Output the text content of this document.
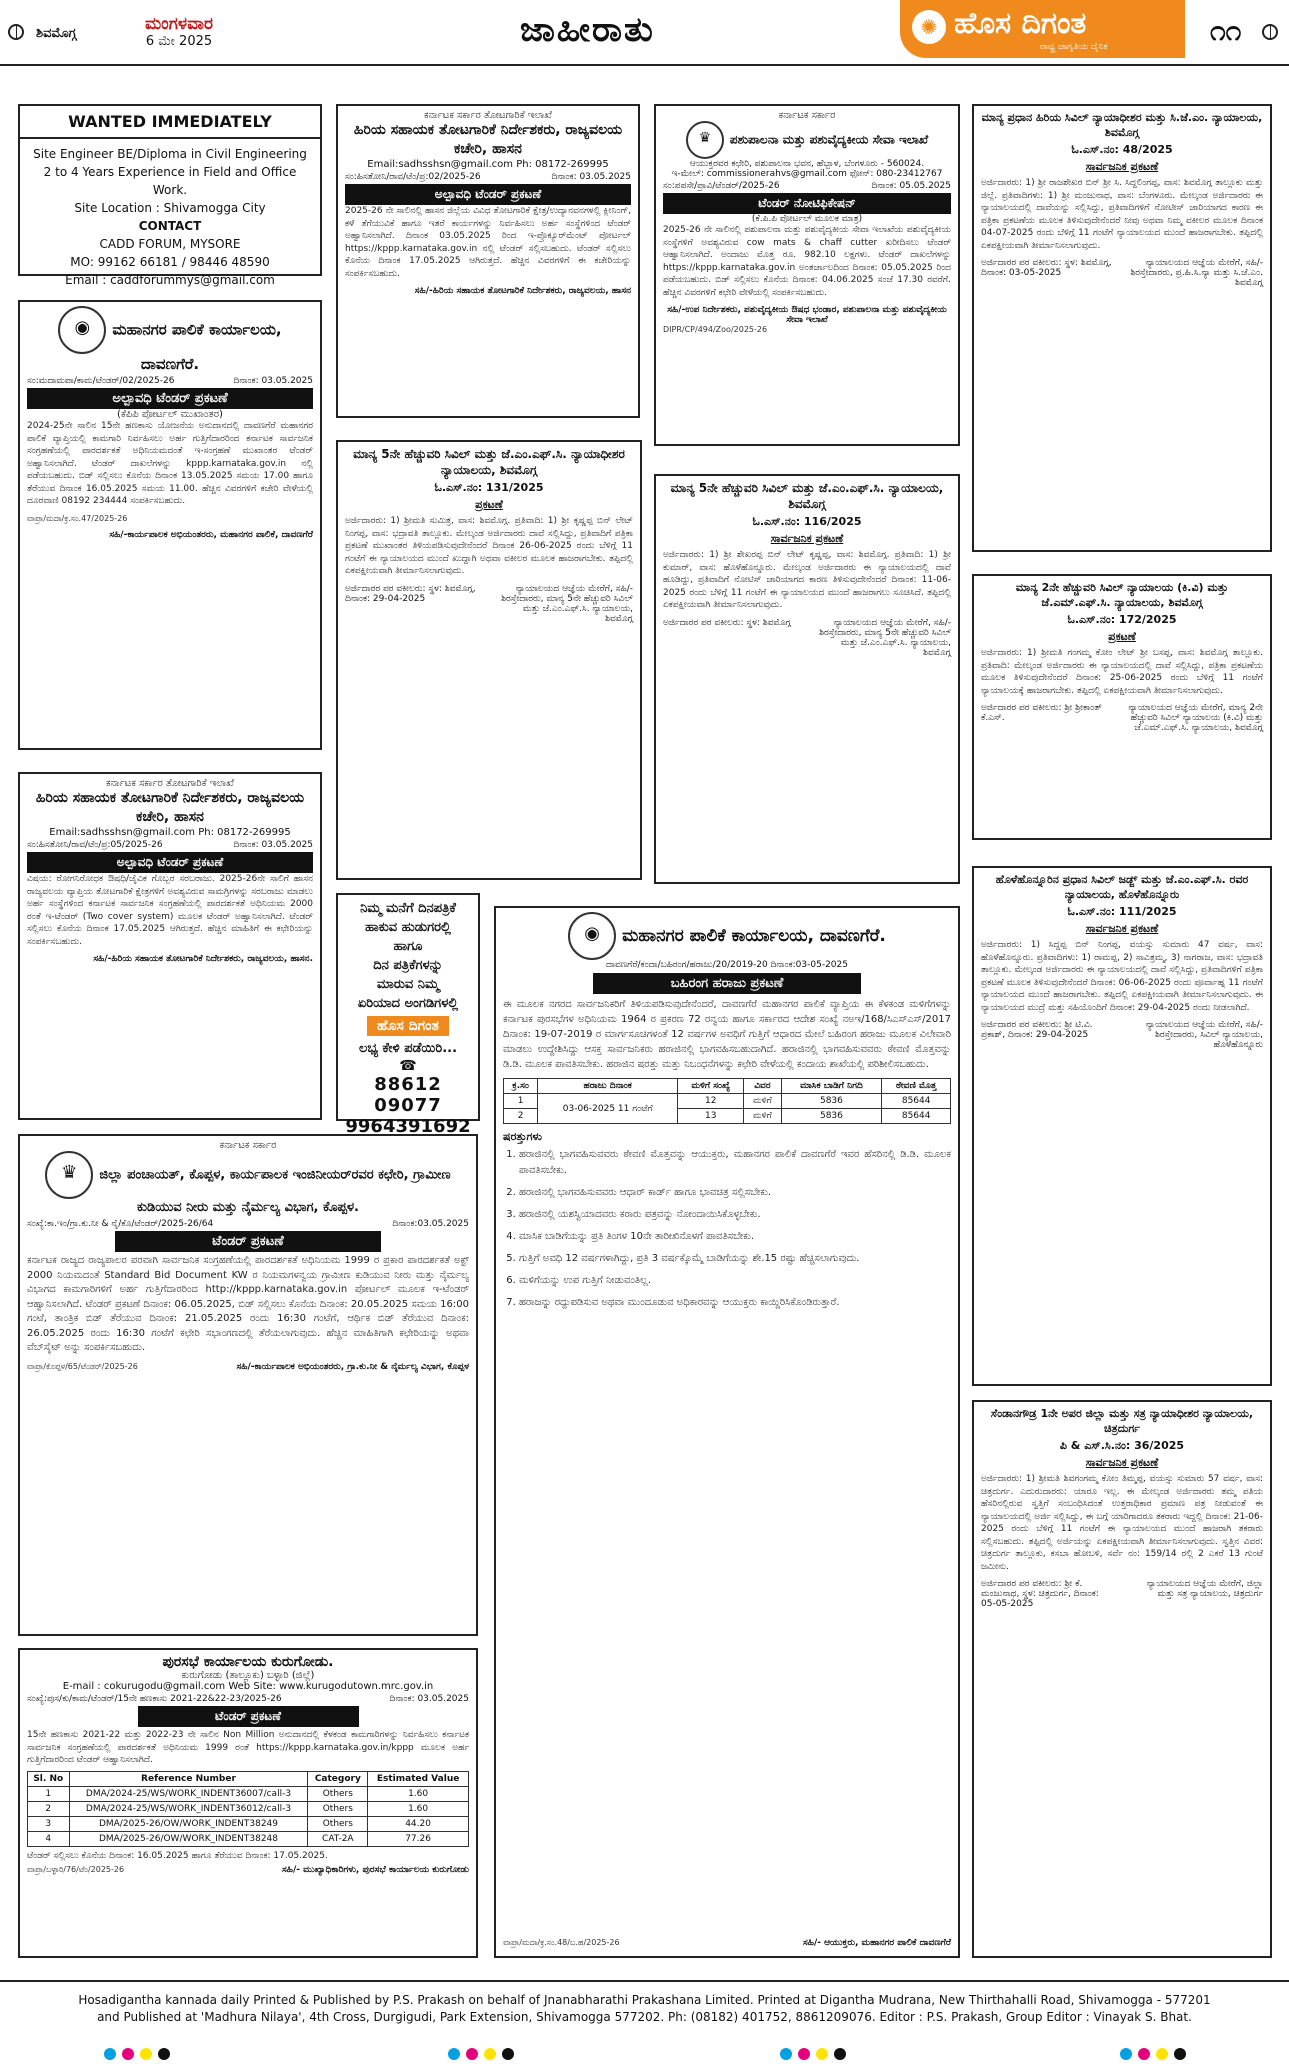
ಶಿವಮೊಗ್ಗ	ಮಂಗಳವಾರ
6 ಮೇ 2025	ಜಾಹೀರಾತು	✺ ಹೊಸ ದಿಗಂತ
ರಾಷ್ಟ್ರ ಜಾಗೃತಿಯ ದೈನಿಕ	೧೧
WANTED IMMEDIATELY
Site Engineer BE/Diploma in Civil Engineering
2 to 4 Years Experience in Field and Office Work.
Site Location : Shivamogga City
CONTACT
CADD FORUM, MYSORE
MO: 99162 66181 / 98446 48590
Email : caddforummys@gmail.com
◉ ಮಹಾನಗರ ಪಾಲಿಕೆ ಕಾರ್ಯಾಲಯ, ದಾವಣಗೆರೆ.
ಸಂ:ಮದಾಮಪಾ/ಕಾಮ/ಟೆಂಡರ್/02/2025-26	ದಿನಾಂಕ: 03.05.2025
ಅಲ್ಪಾವಧಿ ಟೆಂಡರ್ ಪ್ರಕಟಣೆ
(ಕೆಪಿಪಿ ಪೋರ್ಟಲ್ ಮುಖಾಂತರ)
2024-25ನೇ ಸಾಲಿನ 15ನೇ ಹಣಕಾಸು ಯೋಜನೆಯ ಅನುದಾನದಲ್ಲಿ ದಾವಣಗೆರೆ ಮಹಾನಗರ ಪಾಲಿಕೆ ವ್ಯಾಪ್ತಿಯಲ್ಲಿ ಕಾಮಗಾರಿ ನಿರ್ವಹಿಸಲು ಅರ್ಹ ಗುತ್ತಿಗೆದಾರರಿಂದ ಕರ್ನಾಟಕ ಸಾರ್ವಜನಿಕ ಸಂಗ್ರಹಣೆಯಲ್ಲಿ ಪಾರದರ್ಶಕತೆ ಅಧಿನಿಯಮದಂತೆ ಇ-ಸಂಗ್ರಹಣೆ ಮುಖಾಂತರ ಟೆಂಡರ್ ಅಹ್ವಾನಿಸಲಾಗಿದೆ. ಟೆಂಡರ್ ದಾಖಲೆಗಳನ್ನು kppp.karnataka.gov.in ನಲ್ಲಿ ಪಡೆಯಬಹುದು. ಬಿಡ್ ಸಲ್ಲಿಸಲು ಕೊನೆಯ ದಿನಾಂಕ 13.05.2025 ಸಮಯ 17.00 ಹಾಗೂ ತೆರೆಯುವ ದಿನಾಂಕ 16.05.2025 ಸಮಯ 11.00. ಹೆಚ್ಚಿನ ವಿವರಗಳಿಗೆ ಕಚೇರಿ ವೇಳೆಯಲ್ಲಿ ದೂರವಾಣಿ 08192 234444 ಸಂಪರ್ಕಿಸಬಹುದು.
ವಾಪ್ರಾ/ಮದಾ/ಕ್ರ.ಸಂ.47/2025-26
ಸಹಿ/-ಕಾರ್ಯಪಾಲಕ ಅಭಿಯಂತರರು, ಮಹಾನಗರ ಪಾಲಿಕೆ, ದಾವಣಗೆರೆ
ಕರ್ನಾಟಕ ಸರ್ಕಾರ ತೋಟಗಾರಿಕೆ ಇಲಾಖೆ
ಹಿರಿಯ ಸಹಾಯಕ ತೋಟಗಾರಿಕೆ ನಿರ್ದೇಶಕರು, ರಾಜ್ಯವಲಯ ಕಚೇರಿ, ಹಾಸನ
Email:sadhsshsn@gmail.com Ph: 08172-269995
ಸಂ:ಹಿಸತೋನಿ/ರಾವ/ಟೆಂ/ಪ್ರ:05/2025-26	ದಿನಾಂಕ: 03.05.2025
ಅಲ್ಪಾವಧಿ ಟೆಂಡರ್ ಪ್ರಕಟಣೆ
ವಿಷಯ: ರೋಗನಿರೋಧಕ ಔಷಧಿ/ಜೈವಿಕ ಗೊಬ್ಬರ ಸರಬರಾಜು. 2025-26ನೇ ಸಾಲಿಗೆ ಹಾಸನ ರಾಜ್ಯವಲಯ ವ್ಯಾಪ್ತಿಯ ತೋಟಗಾರಿಕೆ ಕ್ಷೇತ್ರಗಳಿಗೆ ಅವಶ್ಯವಿರುವ ಸಾಮಗ್ರಿಗಳನ್ನು ಸರಬರಾಜು ಮಾಡಲು ಅರ್ಹ ಸಂಸ್ಥೆಗಳಿಂದ ಕರ್ನಾಟಕ ಸಾರ್ವಜನಿಕ ಸಂಗ್ರಹಣೆಯಲ್ಲಿ ಪಾರದರ್ಶಕತೆ ಅಧಿನಿಯಮ 2000 ರಂತೆ ಇ-ಟೆಂಡರ್ (Two cover system) ಮೂಲಕ ಟೆಂಡರ್ ಅಹ್ವಾನಿಸಲಾಗಿದೆ. ಟೆಂಡರ್ ಸಲ್ಲಿಸಲು ಕೊನೆಯ ದಿನಾಂಕ 17.05.2025 ಆಗಿರುತ್ತದೆ. ಹೆಚ್ಚಿನ ಮಾಹಿತಿಗೆ ಈ ಕಛೇರಿಯನ್ನು ಸಂಪರ್ಕಿಸಬಹುದು.
ಸಹಿ/-ಹಿರಿಯ ಸಹಾಯಕ ತೋಟಗಾರಿಕೆ ನಿರ್ದೇಶಕರು, ರಾಜ್ಯವಲಯ, ಹಾಸನ.
ಕರ್ನಾಟಕ ಸರ್ಕಾರ
♛ ಜಿಲ್ಲಾ ಪಂಚಾಯತ್, ಕೊಪ್ಪಳ, ಕಾರ್ಯಪಾಲಕ ಇಂಜಿನೀಯರ್‌ರವರ ಕಛೇರಿ, ಗ್ರಾಮೀಣ ಕುಡಿಯುವ ನೀರು ಮತ್ತು ನೈರ್ಮಲ್ಯ ವಿಭಾಗ, ಕೊಪ್ಪಳ.
ಸಂಖ್ಯೆ:ಕಾ.ಇಂ/ಗ್ರಾ.ಕು.ನೀ & ನೈ/ಕೊ/ಟೆಂಡರ್/2025-26/64	ದಿನಾಂಕ:03.05.2025
ಟೆಂಡರ್ ಪ್ರಕಟಣೆ
ಕರ್ನಾಟಕ ರಾಜ್ಯದ ರಾಜ್ಯಪಾಲರ ಪರವಾಗಿ ಸಾರ್ವಜನಿಕ ಸಂಗ್ರಹಣೆಯಲ್ಲಿ ಪಾರದರ್ಶಕತೆ ಅಧಿನಿಯಮ 1999 ರ ಪ್ರಕಾರ ಪಾರದರ್ಶಕತೆ ಅಕ್ಟ್ 2000 ನಿಯಮದಂತೆ Standard Bid Document KW ರ ನಿಯಮಗಳನ್ವಯ ಗ್ರಾಮೀಣ ಕುಡಿಯುವ ನೀರು ಮತ್ತು ನೈರ್ಮಲ್ಯ ವಿಭಾಗದ ಕಾಮಗಾರಿಗಳಿಗೆ ಅರ್ಹ ಗುತ್ತಿಗೆದಾರರಿಂದ http://kppp.karnataka.gov.in ಪೋರ್ಟಲ್ ಮೂಲಕ ಇ-ಟೆಂಡರ್ ಆಹ್ವಾನಿಸಲಾಗಿದೆ. ಟೆಂಡರ್ ಪ್ರಕಟಣೆ ದಿನಾಂಕ: 06.05.2025, ಬಿಡ್ ಸಲ್ಲಿಸಲು ಕೊನೆಯ ದಿನಾಂಕ: 20.05.2025 ಸಮಯ 16:00 ಗಂಟೆ, ತಾಂತ್ರಿಕ ಬಿಡ್ ತೆರೆಯುವ ದಿನಾಂಕ: 21.05.2025 ರಂದು 16:30 ಗಂಟೆಗೆ, ಆರ್ಥಿಕ ಬಿಡ್ ತೆರೆಯುವ ದಿನಾಂಕ: 26.05.2025 ರಂದು 16:30 ಗಂಟೆಗೆ ಕಛೇರಿ ಸಭಾಂಗಣದಲ್ಲಿ ತೆರೆಯಲಾಗುವುದು. ಹೆಚ್ಚಿನ ಮಾಹಿತಿಗಾಗಿ ಕಛೇರಿಯನ್ನು ಅಥವಾ ವೆಬ್‌ಸೈಟ್ ಅನ್ನು ಸಂಪರ್ಕಿಸಬಹುದು.
ವಾಪ್ರಾ/ಕೊಪ್ಪಳ/65/ಟೆಂಡರ್/2025-26	ಸಹಿ/-ಕಾರ್ಯಪಾಲಕ ಅಭಿಯಂತರರು, ಗ್ರಾ.ಕು.ನೀ & ನೈರ್ಮಲ್ಯ ವಿಭಾಗ, ಕೊಪ್ಪಳ
ಪುರಸಭೆ ಕಾರ್ಯಾಲಯ ಕುರುಗೋಡು.
ಕುರುಗೋಡು (ತಾಲ್ಲೂಕು) ಬಳ್ಳಾರಿ (ಜಿಲ್ಲೆ)
E-mail : cokurugodu@gmail.com Web Site: www.kurugodutown.mrc.gov.in
ಸಂಖ್ಯೆ:ಪುಸ/ಕು/ಕಾಮ/ಟೆಂಡರ್/15ನೇ ಹಣಕಾಸು 2021-22&22-23/2025-26	ದಿನಾಂಕ: 03.05.2025
ಟೆಂಡರ್ ಪ್ರಕಟಣೆ
15ನೇ ಹಣಕಾಸು 2021-22 ಮತ್ತು 2022-23 ನೇ ಸಾಲಿನ Non Million ಅನುದಾನದಲ್ಲಿ ಕೆಳಕಂಡ ಕಾಮಗಾರಿಗಳನ್ನು ನಿರ್ವಹಿಸಲು ಕರ್ನಾಟಕ ಸಾರ್ವಜನಿಕ ಸಂಗ್ರಹಣೆಯಲ್ಲಿ ಪಾರದರ್ಶಕತೆ ಅಧಿನಿಯಮ 1999 ರಂತೆ https://kppp.karnataka.gov.in/kppp ಮೂಲಕ ಅರ್ಹ ಗುತ್ತಿಗೆದಾರರಿಂದ ಟೆಂಡರ್ ಆಹ್ವಾನಿಸಲಾಗಿದೆ.
Sl. No	Reference Number	Category	Estimated Value
1	DMA/2024-25/WS/WORK_INDENT36007/call-3	Others	1.60
2	DMA/2024-25/WS/WORK_INDENT36012/call-3	Others	1.60
3	DMA/2025-26/OW/WORK_INDENT38249	Others	44.20
4	DMA/2025-26/OW/WORK_INDENT38248	CAT-2A	77.26
ಟೆಂಡರ್ ಸಲ್ಲಿಸಲು ಕೊನೆಯ ದಿನಾಂಕ: 16.05.2025 ಹಾಗೂ ತೆರೆಯುವ ದಿನಾಂಕ: 17.05.2025.
ವಾಪ್ರಾ/ಬಳ್ಳಾರಿ/76/ಟೆಂ/2025-26	ಸಹಿ/- ಮುಖ್ಯಾಧಿಕಾರಿಗಳು, ಪುರಸಭೆ ಕಾರ್ಯಾಲಯ ಕುರುಗೋಡು
ಕರ್ನಾಟಕ ಸರ್ಕಾರ ತೋಟಗಾರಿಕೆ ಇಲಾಖೆ
ಹಿರಿಯ ಸಹಾಯಕ ತೋಟಗಾರಿಕೆ ನಿರ್ದೇಶಕರು, ರಾಜ್ಯವಲಯ ಕಚೇರಿ, ಹಾಸನ
Email:sadhsshsn@gmail.com Ph: 08172-269995
ಸಂ:ಹಿಸತೋನಿ/ರಾವ/ಟೆಂ/ಪ್ರ:02/2025-26	ದಿನಾಂಕ: 03.05.2025
ಅಲ್ಪಾವಧಿ ಟೆಂಡರ್ ಪ್ರಕಟಣೆ
2025-26 ನೇ ಸಾಲಿನಲ್ಲಿ ಹಾಸನ ಜಿಲ್ಲೆಯ ವಿವಿಧ ತೋಟಗಾರಿಕೆ ಕ್ಷೇತ್ರ/ಉದ್ಯಾನವನಗಳಲ್ಲಿ ಕ್ಲೀನಿಂಗ್, ಕಳೆ ತೆಗೆಯುವಿಕೆ ಹಾಗೂ ಇತರೆ ಕಾರ್ಯಗಳನ್ನು ನಿರ್ವಹಿಸಲು ಅರ್ಹ ಸಂಸ್ಥೆಗಳಿಂದ ಟೆಂಡರ್ ಅಹ್ವಾನಿಸಲಾಗಿದೆ. ದಿನಾಂಕ 03.05.2025 ರಿಂದ ಇ-ಪ್ರೊಕ್ಯೂರ್‌ಮೆಂಟ್ ಪೋರ್ಟಲ್ https://kppp.karnataka.gov.in ನಲ್ಲಿ ಟೆಂಡರ್ ಸಲ್ಲಿಸಬಹುದು. ಟೆಂಡರ್ ಸಲ್ಲಿಸಲು ಕೊನೆಯ ದಿನಾಂಕ 17.05.2025 ಆಗಿರುತ್ತದೆ. ಹೆಚ್ಚಿನ ವಿವರಗಳಿಗೆ ಈ ಕಚೇರಿಯನ್ನು ಸಂಪರ್ಕಿಸಬಹುದು.
ಸಹಿ/-ಹಿರಿಯ ಸಹಾಯಕ ತೋಟಗಾರಿಕೆ ನಿರ್ದೇಶಕರು, ರಾಜ್ಯವಲಯ, ಹಾಸನ
ಮಾನ್ಯ 5ನೇ ಹೆಚ್ಚುವರಿ ಸಿವಿಲ್ ಮತ್ತು ಜೆ.ಎಂ.ಎಫ್.ಸಿ. ನ್ಯಾಯಾಧೀಶರ ನ್ಯಾಯಾಲಯ, ಶಿವಮೊಗ್ಗ
ಓ.ಎಸ್.ನಂ: 131/2025
ಪ್ರಕಟಣೆ
ಅರ್ಜಿದಾರರು: 1) ಶ್ರೀಮತಿ ಸುಮಿತ್ರ, ವಾಸ: ಶಿವಮೊಗ್ಗ. ಪ್ರತಿವಾದಿ: 1) ಶ್ರೀ ಕೃಷ್ಣಪ್ಪ ಬಿನ್ ಲೇಟ್ ನಿಂಗಪ್ಪ, ವಾಸ: ಭದ್ರಾವತಿ ತಾಲ್ಲೂಕು. ಮೇಲ್ಕಂಡ ಅರ್ಜಿದಾರರು ದಾವೆ ಸಲ್ಲಿಸಿದ್ದು, ಪ್ರತಿವಾದಿಗೆ ಪತ್ರಿಕಾ ಪ್ರಕಟಣೆ ಮುಖಾಂತರ ತಿಳಿಯಪಡಿಸುವುದೇನೆಂದರೆ ದಿನಾಂಕ 26-06-2025 ರಂದು ಬೆಳಿಗ್ಗೆ 11 ಗಂಟೆಗೆ ಈ ನ್ಯಾಯಾಲಯದ ಮುಂದೆ ಖುದ್ದಾಗಿ ಅಥವಾ ವಕೀಲರ ಮೂಲಕ ಹಾಜರಾಗಬೇಕು. ತಪ್ಪಿದಲ್ಲಿ ಏಕಪಕ್ಷೀಯವಾಗಿ ತೀರ್ಮಾನಿಸಲಾಗುವುದು.
ಅರ್ಜಿದಾರರ ಪರ ವಕೀಲರು: ಸ್ಥಳ: ಶಿವಮೊಗ್ಗ, ದಿನಾಂಕ: 29-04-2025
ನ್ಯಾಯಾಲಯದ ಆಜ್ಞೆಯ ಮೇರೆಗೆ, ಸಹಿ/-ಶಿರಸ್ತೇದಾರರು, ಮಾನ್ಯ 5ನೇ ಹೆಚ್ಚುವರಿ ಸಿವಿಲ್ ಮತ್ತು ಜೆ.ಎಂ.ಎಫ್.ಸಿ. ನ್ಯಾಯಾಲಯ, ಶಿವಮೊಗ್ಗ
ನಿಮ್ಮ ಮನೆಗೆ ದಿನಪತ್ರಿಕೆ
ಹಾಕುವ ಹುಡುಗರಲ್ಲಿ
ಹಾಗೂ
ದಿನ ಪತ್ರಿಕೆಗಳನ್ನು
ಮಾರುವ ನಿಮ್ಮ
ಏರಿಯಾದ ಅಂಗಡಿಗಳಲ್ಲಿ
ಹೊಸ ದಿಗಂತ
ಲಭ್ಯ ಕೇಳಿ ಪಡೆಯಿರಿ...
☎
88612 09077
9964391692
ಕರ್ನಾಟಕ ಸರ್ಕಾರ
♛ ಪಶುಪಾಲನಾ ಮತ್ತು ಪಶುವೈದ್ಯಕೀಯ ಸೇವಾ ಇಲಾಖೆ
ಆಯುಕ್ತರವರ ಕಛೇರಿ, ಪಶುಪಾಲನಾ ಭವನ, ಹೆಬ್ಬಾಳ, ಬೆಂಗಳೂರು - 560024.
ಇ-ಮೇಲ್: commissionerahvs@gmail.com ಫೋನ್: 080-23412767
ಸಂ:ಪಪಸೇ/ಪ್ರಾವಿ/ಟೆಂಡರ್/2025-26	ದಿನಾಂಕ: 05.05.2025
ಟೆಂಡರ್ ನೋಟಿಫಿಕೇಷನ್
(ಕೆ.ಪಿ.ಪಿ ಪೋರ್ಟಲ್ ಮೂಲಕ ಮಾತ್ರ)
2025-26 ನೇ ಸಾಲಿನಲ್ಲಿ ಪಶುಪಾಲನಾ ಮತ್ತು ಪಶುವೈದ್ಯಕೀಯ ಸೇವಾ ಇಲಾಖೆಯ ಪಶುವೈದ್ಯಕೀಯ ಸಂಸ್ಥೆಗಳಿಗೆ ಅವಶ್ಯವಿರುವ cow mats & chaff cutter ಖರೀದಿಸಲು ಟೆಂಡರ್ ಆಹ್ವಾನಿಸಲಾಗಿದೆ. ಅಂದಾಜು ಮೊತ್ತ ರೂ. 982.10 ಲಕ್ಷಗಳು. ಟೆಂಡರ್ ದಾಖಲೆಗಳನ್ನು https://kppp.karnataka.gov.in ಅಂತರ್ಜಾಲದಿಂದ ದಿನಾಂಕ: 05.05.2025 ರಿಂದ ಪಡೆಯಬಹುದು. ಬಿಡ್ ಸಲ್ಲಿಸಲು ಕೊನೆಯ ದಿನಾಂಕ: 04.06.2025 ಸಂಜೆ 17.30 ರವರೆಗೆ. ಹೆಚ್ಚಿನ ವಿವರಗಳಿಗೆ ಕಛೇರಿ ವೇಳೆಯಲ್ಲಿ ಸಂಪರ್ಕಿಸಬಹುದು.
ಸಹಿ/-ಉಪ ನಿರ್ದೇಶಕರು, ಪಶುವೈದ್ಯಕೀಯ ಔಷಧ ಭಂಡಾರ, ಪಶುಪಾಲನಾ ಮತ್ತು ಪಶುವೈದ್ಯಕೀಯ ಸೇವಾ ಇಲಾಖೆ
DIPR/CP/494/Zoo/2025-26
ಮಾನ್ಯ 5ನೇ ಹೆಚ್ಚುವರಿ ಸಿವಿಲ್ ಮತ್ತು ಜೆ.ಎಂ.ಎಫ್.ಸಿ. ನ್ಯಾಯಾಲಯ, ಶಿವಮೊಗ್ಗ
ಓ.ಎಸ್.ನಂ: 116/2025
ಸಾರ್ವಜನಿಕ ಪ್ರಕಟಣೆ
ಅರ್ಜಿದಾರರು: 1) ಶ್ರೀ ಶೇಖರಪ್ಪ ಬಿನ್ ಲೇಟ್ ಕೃಷ್ಣಪ್ಪ, ವಾಸ: ಶಿವಮೊಗ್ಗ. ಪ್ರತಿವಾದಿ: 1) ಶ್ರೀ ಕುಮಾರ್, ವಾಸ: ಹೊಳೆಹೊನ್ನೂರು. ಮೇಲ್ಕಂಡ ಅರ್ಜಿದಾರರು ಈ ನ್ಯಾಯಾಲಯದಲ್ಲಿ ದಾವೆ ಹೂಡಿದ್ದು, ಪ್ರತಿವಾದಿಗೆ ನೋಟಿಸ್ ಜಾರಿಯಾಗದ ಕಾರಣ ತಿಳಿಸುವುದೇನೆಂದರೆ ದಿನಾಂಕ: 11-06-2025 ರಂದು ಬೆಳಿಗ್ಗೆ 11 ಗಂಟೆಗೆ ಈ ನ್ಯಾಯಾಲಯದ ಮುಂದೆ ಹಾಜರಾಗಲು ಸೂಚಿಸಿದೆ. ತಪ್ಪಿದಲ್ಲಿ ಏಕಪಕ್ಷೀಯವಾಗಿ ತೀರ್ಮಾನಿಸಲಾಗುವುದು.
ಅರ್ಜಿದಾರರ ಪರ ವಕೀಲರು: ಸ್ಥಳ: ಶಿವಮೊಗ್ಗ	ನ್ಯಾಯಾಲಯದ ಆಜ್ಞೆಯ ಮೇರೆಗೆ, ಸಹಿ/-ಶಿರಸ್ತೇದಾರರು, ಮಾನ್ಯ 5ನೇ ಹೆಚ್ಚುವರಿ ಸಿವಿಲ್ ಮತ್ತು ಜೆ.ಎಂ.ಎಫ್.ಸಿ. ನ್ಯಾಯಾಲಯ, ಶಿವಮೊಗ್ಗ
◉ ಮಹಾನಗರ ಪಾಲಿಕೆ ಕಾರ್ಯಾಲಯ, ದಾವಣಗೆರೆ.
ದಾವಣಗೆರೆ/ಕಂದಾ/ಬಹಿರಂಗ/ಹರಾಜು/20/2019-20 ದಿನಾಂಕ:03-05-2025
ಬಹಿರಂಗ ಹರಾಜು ಪ್ರಕಟಣೆ
ಈ ಮೂಲಕ ನಗರದ ಸಾರ್ವಜನಿಕರಿಗೆ ತಿಳಿಯಪಡಿಸುವುದೇನೆಂದರೆ, ದಾವಣಗೆರೆ ಮಹಾನಗರ ಪಾಲಿಕೆ ವ್ಯಾಪ್ತಿಯ ಈ ಕೆಳಕಂಡ ಮಳಿಗೆಗಳನ್ನು ಕರ್ನಾಟಕ ಪುರಸಭೆಗಳ ಅಧಿನಿಯಮ 1964 ರ ಪ್ರಕರಣ 72 ರನ್ವಯ ಹಾಗೂ ಸರ್ಕಾರದ ಆದೇಶ ಸಂಖ್ಯೆ ನಅಇ/168/ಸಿಎಸ್‌ಎಸ್/2017 ದಿನಾಂಕ: 19-07-2019 ರ ಮಾರ್ಗಸೂಚಿಗಳಂತೆ 12 ವರ್ಷಗಳ ಅವಧಿಗೆ ಗುತ್ತಿಗೆ ಆಧಾರದ ಮೇಲೆ ಬಹಿರಂಗ ಹರಾಜು ಮೂಲಕ ವಿಲೇವಾರಿ ಮಾಡಲು ಉದ್ದೇಶಿಸಿದ್ದು ಆಸಕ್ತ ಸಾರ್ವಜನಿಕರು ಹರಾಜಿನಲ್ಲಿ ಭಾಗವಹಿಸಬಹುದಾಗಿದೆ. ಹರಾಜಿನಲ್ಲಿ ಭಾಗವಹಿಸುವವರು ಠೇವಣಿ ಮೊತ್ತವನ್ನು ಡಿ.ಡಿ. ಮೂಲಕ ಪಾವತಿಸಬೇಕು. ಹರಾಜಿನ ಷರತ್ತು ಮತ್ತು ನಿಬಂಧನೆಗಳನ್ನು ಕಛೇರಿ ವೇಳೆಯಲ್ಲಿ ಕಂದಾಯ ಶಾಖೆಯಲ್ಲಿ ಪರಿಶೀಲಿಸಬಹುದು.
ಕ್ರ.ಸಂ	ಹರಾಜು ದಿನಾಂಕ	ಮಳಿಗೆ ಸಂಖ್ಯೆ	ವಿವರ	ಮಾಸಿಕ ಬಾಡಿಗೆ ನಿಗದಿ	ಠೇವಣಿ ಮೊತ್ತ
1	03-06-2025 11 ಗಂಟೆಗೆ	12	ಮಳಿಗೆ	5836	85644
2		13	ಮಳಿಗೆ	5836	85644
ಷರತ್ತುಗಳು
1. ಹರಾಜಿನಲ್ಲಿ ಭಾಗವಹಿಸುವವರು ಠೇವಣಿ ಮೊತ್ತವನ್ನು ಆಯುಕ್ತರು, ಮಹಾನಗರ ಪಾಲಿಕೆ ದಾವಣಗೆರೆ ಇವರ ಹೆಸರಿನಲ್ಲಿ ಡಿ.ಡಿ. ಮೂಲಕ ಪಾವತಿಸಬೇಕು.
2. ಹರಾಜಿನಲ್ಲಿ ಭಾಗವಹಿಸುವವರು ಆಧಾರ್ ಕಾರ್ಡ್ ಹಾಗೂ ಭಾವಚಿತ್ರ ಸಲ್ಲಿಸಬೇಕು.
3. ಹರಾಜಿನಲ್ಲಿ ಯಶಸ್ವಿಯಾದವರು ಕರಾರು ಪತ್ರವನ್ನು ನೋಂದಾಯಿಸಿಕೊಳ್ಳಬೇಕು.
4. ಮಾಸಿಕ ಬಾಡಿಗೆಯನ್ನು ಪ್ರತಿ ತಿಂಗಳ 10ನೇ ತಾರೀಖಿನೊಳಗೆ ಪಾವತಿಸಬೇಕು.
5. ಗುತ್ತಿಗೆ ಅವಧಿ 12 ವರ್ಷಗಳಾಗಿದ್ದು, ಪ್ರತಿ 3 ವರ್ಷಕ್ಕೊಮ್ಮೆ ಬಾಡಿಗೆಯನ್ನು ಶೇ.15 ರಷ್ಟು ಹೆಚ್ಚಿಸಲಾಗುವುದು.
6. ಮಳಿಗೆಯನ್ನು ಉಪ ಗುತ್ತಿಗೆ ನೀಡುವಂತಿಲ್ಲ.
7. ಹರಾಜನ್ನು ರದ್ದುಪಡಿಸುವ ಅಥವಾ ಮುಂದೂಡುವ ಅಧಿಕಾರವನ್ನು ಆಯುಕ್ತರು ಕಾಯ್ದಿರಿಸಿಕೊಂಡಿರುತ್ತಾರೆ.
ವಾಪ್ರಾ/ಮದಾ/ಕ್ರ.ಸಂ.48/ಬ.ಹ/2025-26	ಸಹಿ/- ಆಯುಕ್ತರು, ಮಹಾನಗರ ಪಾಲಿಕೆ ದಾವಣಗೆರೆ
ಮಾನ್ಯ ಪ್ರಧಾನ ಹಿರಿಯ ಸಿವಿಲ್ ನ್ಯಾಯಾಧೀಶರ ಮತ್ತು ಸಿ.ಜೆ.ಎಂ. ನ್ಯಾಯಾಲಯ, ಶಿವಮೊಗ್ಗ
ಓ.ಎಸ್.ನಂ: 48/2025
ಸಾರ್ವಜನಿಕ ಪ್ರಕಟಣೆ
ಅರ್ಜಿದಾರರು: 1) ಶ್ರೀ ರಾಜಶೇಖರ ಬಿನ್ ಶ್ರೀ ಸಿ. ಸಿದ್ದಲಿಂಗಪ್ಪ, ವಾಸ: ಶಿವಮೊಗ್ಗ ತಾಲ್ಲೂಕು ಮತ್ತು ಜಿಲ್ಲೆ. ಪ್ರತಿವಾದಿಗಳು: 1) ಶ್ರೀ ಮಂಜುನಾಥ, ವಾಸ: ಬೆಂಗಳೂರು. ಮೇಲ್ಕಂಡ ಅರ್ಜಿದಾರರು ಈ ನ್ಯಾಯಾಲಯದಲ್ಲಿ ದಾವೆಯನ್ನು ಸಲ್ಲಿಸಿದ್ದು, ಪ್ರತಿವಾದಿಗಳಿಗೆ ನೋಟೀಸ್ ಜಾರಿಯಾಗದ ಕಾರಣ ಈ ಪತ್ರಿಕಾ ಪ್ರಕಟಣೆಯ ಮೂಲಕ ತಿಳಿಸುವುದೇನೆಂದರೆ ನೀವು ಅಥವಾ ನಿಮ್ಮ ವಕೀಲರ ಮೂಲಕ ದಿನಾಂಕ 04-07-2025 ರಂದು ಬೆಳಿಗ್ಗೆ 11 ಗಂಟೆಗೆ ನ್ಯಾಯಾಲಯದ ಮುಂದೆ ಹಾಜರಾಗಬೇಕು. ತಪ್ಪಿದಲ್ಲಿ ಏಕಪಕ್ಷೀಯವಾಗಿ ತೀರ್ಮಾನಿಸಲಾಗುವುದು.
ಅರ್ಜಿದಾರರ ಪರ ವಕೀಲರು: ಸ್ಥಳ: ಶಿವಮೊಗ್ಗ, ದಿನಾಂಕ: 03-05-2025
ನ್ಯಾಯಾಲಯದ ಆಜ್ಞೆಯ ಮೇರೆಗೆ, ಸಹಿ/-ಶಿರಸ್ತೇದಾರರು, ಪ್ರ.ಹಿ.ಸಿ.ನ್ಯಾ ಮತ್ತು ಸಿ.ಜೆ.ಎಂ. ಶಿವಮೊಗ್ಗ
ಮಾನ್ಯ 2ನೇ ಹೆಚ್ಚುವರಿ ಸಿವಿಲ್ ನ್ಯಾಯಾಲಯ (ಕಿ.ವಿ) ಮತ್ತು ಜೆ.ಎಮ್.ಎಫ್.ಸಿ. ನ್ಯಾಯಾಲಯ, ಶಿವಮೊಗ್ಗ
ಓ.ಎಸ್.ನಂ: 172/2025
ಪ್ರಕಟಣೆ
ಅರ್ಜಿದಾರರು: 1) ಶ್ರೀಮತಿ ಗಂಗಮ್ಮ ಕೋಂ ಲೇಟ್ ಶ್ರೀ ಬಸಪ್ಪ, ವಾಸ: ಶಿವಮೊಗ್ಗ ತಾಲ್ಲೂಕು. ಪ್ರತಿವಾದಿ: ಮೇಲ್ಕಂಡ ಅರ್ಜಿದಾರರು ಈ ನ್ಯಾಯಾಲಯದಲ್ಲಿ ದಾವೆ ಸಲ್ಲಿಸಿದ್ದು, ಪತ್ರಿಕಾ ಪ್ರಕಟಣೆಯ ಮೂಲಕ ತಿಳಿಸುವುದೇನೆಂದರೆ ದಿನಾಂಕ: 25-06-2025 ರಂದು ಬೆಳಿಗ್ಗೆ 11 ಗಂಟೆಗೆ ನ್ಯಾಯಾಲಯಕ್ಕೆ ಹಾಜರಾಗಬೇಕು. ತಪ್ಪಿದಲ್ಲಿ ಏಕಪಕ್ಷೀಯವಾಗಿ ತೀರ್ಮಾನಿಸಲಾಗುವುದು.
ಅರ್ಜಿದಾರರ ಪರ ವಕೀಲರು: ಶ್ರೀ ಶ್ರೀಕಾಂತ್ ಕೆ.ಎಸ್.
ನ್ಯಾಯಾಲಯದ ಆಜ್ಞೆಯ ಮೇರೆಗೆ, ಮಾನ್ಯ 2ನೇ ಹೆಚ್ಚುವರಿ ಸಿವಿಲ್ ನ್ಯಾಯಾಲಯ (ಕಿ.ವಿ) ಮತ್ತು ಜೆ.ಎಮ್.ಎಫ್.ಸಿ. ನ್ಯಾಯಾಲಯ, ಶಿವಮೊಗ್ಗ
ಹೊಳೆಹೊನ್ನೂರಿನ ಪ್ರಧಾನ ಸಿವಿಲ್ ಜಡ್ಜ್ ಮತ್ತು ಜೆ.ಎಂ.ಎಫ್.ಸಿ. ರವರ ನ್ಯಾಯಾಲಯ, ಹೊಳೆಹೊನ್ನೂರು
ಓ.ಎಸ್.ನಂ: 111/2025
ಸಾರ್ವಜನಿಕ ಪ್ರಕಟಣೆ
ಅರ್ಜಿದಾರರು: 1) ಸಿದ್ದಪ್ಪ ಬಿನ್ ನಿಂಗಪ್ಪ, ವಯಸ್ಸು ಸುಮಾರು 47 ವರ್ಷ, ವಾಸ: ಹೊಳೆಹೊನ್ನೂರು. ಪ್ರತಿವಾದಿಗಳು: 1) ರಾಮಪ್ಪ, 2) ಸಾವಿತ್ರಮ್ಮ, 3) ನಾಗರಾಜ, ವಾಸ: ಭದ್ರಾವತಿ ತಾಲ್ಲೂಕು. ಮೇಲ್ಕಂಡ ಅರ್ಜಿದಾರರು ಈ ನ್ಯಾಯಾಲಯದಲ್ಲಿ ದಾವೆ ಸಲ್ಲಿಸಿದ್ದು, ಪ್ರತಿವಾದಿಗಳಿಗೆ ಪತ್ರಿಕಾ ಪ್ರಕಟಣೆ ಮೂಲಕ ತಿಳಿಸುವುದೇನೆಂದರೆ ದಿನಾಂಕ: 06-06-2025 ರಂದು ಪೂರ್ವಾಹ್ನ 11 ಗಂಟೆಗೆ ನ್ಯಾಯಾಲಯದ ಮುಂದೆ ಹಾಜರಾಗಬೇಕು. ತಪ್ಪಿದಲ್ಲಿ ಏಕಪಕ್ಷೀಯವಾಗಿ ತೀರ್ಮಾನಿಸಲಾಗುವುದು. ಈ ನ್ಯಾಯಾಲಯದ ಮುದ್ರೆ ಮತ್ತು ಸಹಿಯೊಂದಿಗೆ ದಿನಾಂಕ: 29-04-2025 ರಂದು ನೀಡಲಾಗಿದೆ.
ಅರ್ಜಿದಾರರ ಪರ ವಕೀಲರು: ಶ್ರೀ ಟಿ.ವಿ. ಪ್ರಕಾಶ್, ದಿನಾಂಕ: 29-04-2025
ನ್ಯಾಯಾಲಯದ ಆಜ್ಞೆಯ ಮೇರೆಗೆ, ಸಹಿ/-ಶಿರಸ್ತೇದಾರರು, ಸಿವಿಲ್ ನ್ಯಾಯಾಲಯ, ಹೊಳೆಹೊನ್ನೂರು
ಸೆಂಡಾನಗೌಡ್ರ 1ನೇ ಅಪರ ಜಿಲ್ಲಾ ಮತ್ತು ಸತ್ರ ನ್ಯಾಯಾಧೀಶರ ನ್ಯಾಯಾಲಯ, ಚಿತ್ರದುರ್ಗ
ಪಿ & ಎಸ್.ಸಿ.ನಂ: 36/2025
ಸಾರ್ವಜನಿಕ ಪ್ರಕಟಣೆ
ಅರ್ಜಿದಾರರು: 1) ಶ್ರೀಮತಿ ಶಿವಗಂಗಮ್ಮ ಕೋಂ ತಿಮ್ಮಪ್ಪ, ವಯಸ್ಸು ಸುಮಾರು 57 ವರ್ಷ, ವಾಸ: ಚಿತ್ರದುರ್ಗ. ಎದುರುದಾರರು: ಯಾರೂ ಇಲ್ಲ. ಈ ಮೇಲ್ಕಂಡ ಅರ್ಜಿದಾರರು ತಮ್ಮ ಪತಿಯ ಹೆಸರಿನಲ್ಲಿರುವ ಸ್ವತ್ತಿಗೆ ಸಂಬಂಧಿಸಿದಂತೆ ಉತ್ತರಾಧಿಕಾರ ಪ್ರಮಾಣ ಪತ್ರ ನೀಡುವಂತೆ ಈ ನ್ಯಾಯಾಲಯದಲ್ಲಿ ಅರ್ಜಿ ಸಲ್ಲಿಸಿದ್ದು, ಈ ಬಗ್ಗೆ ಯಾರಿಗಾದರೂ ತಕರಾರು ಇದ್ದಲ್ಲಿ ದಿನಾಂಕ: 21-06-2025 ರಂದು ಬೆಳಿಗ್ಗೆ 11 ಗಂಟೆಗೆ ಈ ನ್ಯಾಯಾಲಯದ ಮುಂದೆ ಹಾಜರಾಗಿ ತಕರಾರು ಸಲ್ಲಿಸಬಹುದು. ತಪ್ಪಿದಲ್ಲಿ ಅರ್ಜಿಯನ್ನು ಏಕಪಕ್ಷೀಯವಾಗಿ ತೀರ್ಮಾನಿಸಲಾಗುವುದು. ಸ್ವತ್ತಿನ ವಿವರ: ಚಿತ್ರದುರ್ಗ ತಾಲ್ಲೂಕು, ಕಸಬಾ ಹೋಬಳಿ, ಸರ್ವೆ ನಂ: 159/14 ರಲ್ಲಿ 2 ಎಕರೆ 13 ಗುಂಟೆ ಜಮೀನು.
ಅರ್ಜಿದಾರರ ಪರ ವಕೀಲರು: ಶ್ರೀ ಕೆ. ಮಂಜುನಾಥ, ಸ್ಥಳ: ಚಿತ್ರದುರ್ಗ, ದಿನಾಂಕ: 05-05-2025
ನ್ಯಾಯಾಲಯದ ಆಜ್ಞೆಯ ಮೇರೆಗೆ, ಜಿಲ್ಲಾ ಮತ್ತು ಸತ್ರ ನ್ಯಾಯಾಲಯ, ಚಿತ್ರದುರ್ಗ
Hosadigantha kannada daily Printed & Published by P.S. Prakash on behalf of Jnanabharathi Prakashana Limited. Printed at Digantha Mudrana, New Thirthahalli Road, Shivamogga - 577201
and Published at 'Madhura Nilaya', 4th Cross, Durgigudi, Park Extension, Shivamogga 577202. Ph: (08182) 401752, 8861209076. Editor : P.S. Prakash, Group Editor : Vinayak S. Bhat.
